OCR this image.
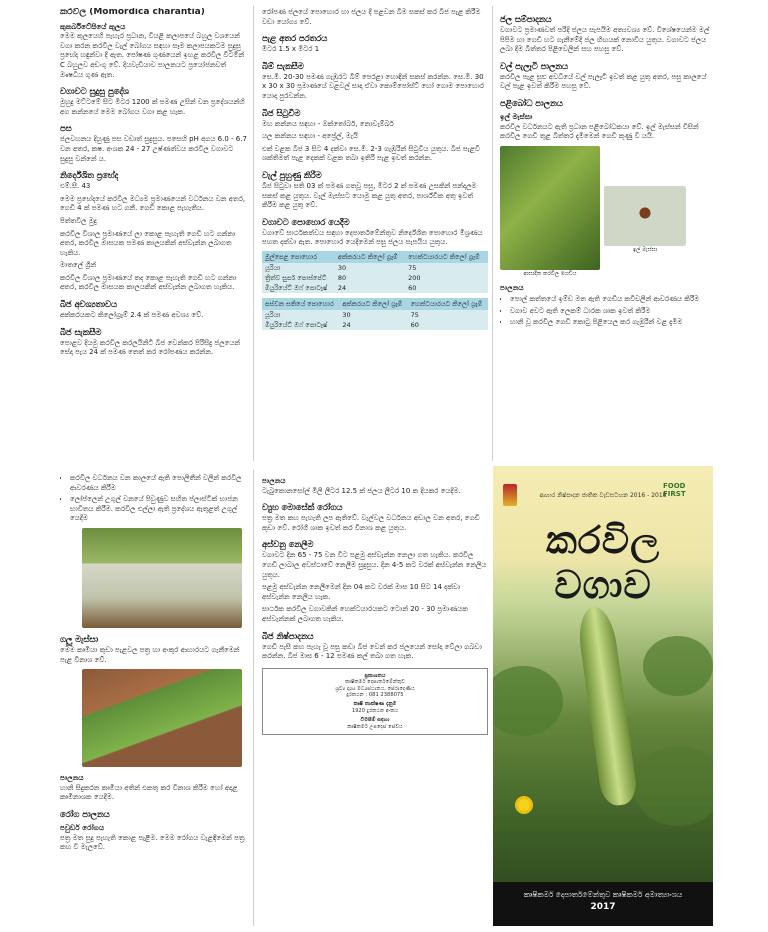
කරවිල (Momordica charantia)
කුකර්බිටේසියේ කුලය

මෙම කුලයෙහි පැහැර ප්‍රධාන, වියළි කලාපයේ බහුල වශයෙන් වගා කරන කරවිල වැල් බෝගය සඳහා සෑම කලාපයකටම සුදුසු ප්‍රභේද හඳුන්වා දී ඇත. පෝෂණ ගුණයෙන් ඉහළ කරවිල විටමින් C බහුලව අඩංගු වේ. දියවැඩියාව පාලනයට ප්‍රයෝජනවත් ඖෂධීය ගුණ ඇත.

වගාවට සුදුසු පුදේශ

මුහුදු මට්ටමේ සිට මීටර 1200 ක් පමණ උසින් වන ප්‍රදේශයන්හි අග කන්නයේ මෙම බෝගය වගා කළ හැක.

පස

ජලවහනය දියුණු පස වඩාත් සුදුසුය. පසෙහි pH අගය 6.0 - 6.7 වන අතර, කෂ. අංශක 24 - 27 උෂ්ණත්වය කරවිල වගාවට සුදුසු වන්නේ ය.

නිර්දේශිත ප්‍රභේද

එම්.සී. 43

මෙම ප්‍රභේදයේ කරවිල මධ්‍යම ප්‍රමාණයෙන් වර්ධනය වන අතර, ගෙඩි 4 ක් පමණ හට ගනී. ගෙඩි කොළ පැහැතිය.

පිත්තවිල මුදු

කරවිල විශාල ප්‍රමාණයේ ලා කොළ පැහැති ගෙඩි හට ගන්නා අතර, කරවිල මාසයක පමණ කාලයකින් අස්වැන්න ලබාගත හැකිය.

මාතලේ ග්‍රීන්

කරවිල විශාල ප්‍රමාණයේ තද කොළ පැහැති ගෙඩි හට ගන්නා අතර, කරවිල මාසයක කාලයකින් අස්වැන්න ලබාගත හැකිය.

බීජ අවශ්‍යතාවය

අක්කරයකට කිලෝග්‍රෑම් 2.4 ක් පමණ අවශ්‍ය වේ.

බීජ සැකසීම

පොළව දියමු කරවිල කරලයිනිටි බීජ වෙන්කර පිරිසිදු ජලයෙන් සේදා පැය 24 ක් පමණ තෙත් කර රෝපණය කරන්න.

රෝපණ ජලයේ පොහොර හා ජලය දී පළවන බිම සකස් කර බීජ පැළ කිරීම වඩා යෝග්‍ය වේ.

පැළ අතර පරතරය

මීටර 1.5 x මීටර 1

බිම් සැකසීම

සෙ.මී. 20-30 පමණ ගැඹුරට බිම් පෙරළා හොඳින් සකස් කරන්න. සෙ.මී. 30 x 30 x 30 ප්‍රමාණයේ වළවල් සාදා ඒවා කොම්පෝස්ට් හෝ ගොම පොහොර යොදා පුරවන්න.

බීජ සිටුවීම

මහ කන්නය සඳහා - ඔක්තෝබර්, නොවැම්බර්

යල කන්නය සඳහා - අප්‍රේල්, මැයි

එක් වළක බීජ 3 සිට 4 දක්වා සෙ.මී. 2-3 ගැඹුරින් සිටුවිය යුතුය. බීජ පැළවී ශක්තිමත් පැළ දෙකක් වළක තබා ඉතිරි පැළ ඉවත් කරන්න.

වැල් පුහුණු කිරීම

බීජ සිටුවා සති 03 ක් පමණ ගතවූ පසු, මීටර 2 ක් පමණ උසකින් පන්දලම සකස් කළ යුතුය. වැල් මැස්සට යොමු කළ යුතු අතර, පාර්ශ්වික අතු ඉවත් කිරීම කළ යුතු වේ.

වගාවට පොහොර යෙදීම

වගාවේ සාර්ථකත්වය සඳහා දෙපාර්තමේන්තුව නිර්දේශිත පොහොර මිශ්‍රණය පහත දක්වා ඇත. පොහොර යෙදීමෙන් පසු ජලය සැපයිය යුතුය.

මුල්පෙළ පොහොර	අක්කරයට කිලෝ ග්‍රෑම්	හෙක්ටයාරයට කිලෝ ග්‍රෑම්
යූරියා	30	75
ත්‍රිත්ව සුපර් පොස්පේට්	80	200
මියුරියේට් ඔෆ් පොටෑෂ්	24	60
පස්වන සතියේ පොහොර	අක්කරයට කිලෝ ග්‍රෑම්	හෙක්ටයාරයට කිලෝ ග්‍රෑම්
යූරියා	30	75
මියුරියේට් ඔෆ් පොටෑෂ්	24	60
ජල සම්පාදනය

වගාවට ප්‍රමාණවත් පරිදි ජලය සැපයීම අත්‍යවශ්‍ය වේ. විශේෂයෙන්ම මල් පිපීම හා ගෙඩි හට ගැනීමේදී ජල හිඟයක් නොවිය යුතුය. වගාවට ජලය ලබා දීම බිත්තර පිළිවෙලින් සහ පහසු වේ.

වල් පැලෑටි පාලනය

කරවිල පැළ සුළු අවධියේ වල් පැලෑටි ඉවත් කළ යුතු අතර, පසු කාලයේ වල් පැළ ඉවත් කිරීම පහසු වේ.

පළිබෝධ පාලනය
ඉල් මැස්සා

කරවිල වර්ධනයට ඇති ප්‍රධාන පළිබෝධකයා වේ. ඉල් මැස්සන් විසින් කරවිල ගෙඩි තුළ බිත්තර දැමීමෙන් ගෙඩි කුණු වී යයි.

ආසාදිත කරවිල ගෙඩිය
ඉල් මැස්සා
පාලනය
• පොල් කත්තයේ ඉම්ඩ මත ඇති ගෙඩිය කවිචලින් ආවරණය කිරීම
• වගාව අවට ඇති ලෙකම් ධාරක ශාක ඉවත් කිරීම
• හානි වූ කරවිල ගෙඩි කොටු පිළියෙල කර ගැඹුරින් වළ දැමීම
• කරවිල වර්ධනය වන කාලයේ ඇති පොලිතීන් වලින් කරවිල ආවරණය කිරීම
• ලෝප්ලෙන් උගුල් වනයේ පිවුණුව සහිත ප්ලාස්ටික් භාජන භාවිතය කිරීම. කරවිල එල්ලා ඇති ප්‍රදේශය ඇතුළත් උගුල් යෙදීම
ගලු මැස්සා

මෙම කෘමියා කුඩා පැළවල පත්‍ර හා අංකුර ආහාරයට ගැනීමෙන් පැළ විනාශ වේ.

පාලනය

හානි සිදුකරන කෘමියා අතින් එකතු කර විනාශ කිරීම හෝ අදාළ කෘමිනාශක යෙදීම.

රෝග පාලනය
පවුඩර් රෝගය

පත්‍ර මත සුදු පැහැති කොළ පැළීම. මෙම රෝගය වැළඳීමෙන් පත්‍ර කහ වී මැලවේ.

පාලනය

ටැබුකොනසෝල් මිලි ලීටර 12.5 ක් ජලය ලීටර 10 ක දියකර යෙදීම.

ව්‍යුහ මොසේක් රෝගය

පත්‍ර මත කහ පැහැති ලප ඇතිවේ. වැල්වල වර්ධනය අඩාල වන අතර, ගෙඩි කුඩා වේ. රෝගී ශාක ඉවත් කර විනාශ කළ යුතුය.

අස්වනු නෙලීම

වගාවට දින 65 - 75 වන විට පළමු අස්වැන්න නෙලා ගත හැකිය. කරවිල ගෙඩි ලාබාල අවස්ථාවේ නෙලීම සුදුසුය. දින 4-5 කට වරක් අස්වැන්න නෙලිය යුතුය.

පළමු අස්වැන්න නෙලීමෙන් දින 04 කට වරක් මාස 10 සිට 14 දක්වා අස්වැන්න නෙලිය හැක.

සාර්ථක කරවිල වගාවකින් හෙක්ටයාරයකට ටොන් 20 - 30 ප්‍රමාණයක අස්වැන්නක් ලබාගත හැකිය.

බීජ නිෂ්පාදනය

ගෙඩි පැසී කහ පැහැ වූ පසු කඩා බීජ වෙන් කර ජලයෙන් සෝදා වේලා ගබඩා කරන්න. බීජ මාස 6 - 12 පමණ කල් තබා ගත හැක.

ප්‍රකාශනය
කෘෂිකර්ම දෙපාර්තමේන්තුව
ශ්‍රව්‍ය දෘශ්‍ය මධ්‍යස්ථානය, පේරාදෙණිය
දුරකථන : 081 2388075
කෘෂි තාක්ෂණ දැනුම
1920 දුරකථන අංකය
විමසීම් සඳහා
කෘෂිකර්ම උපදෙස් සේවය
FOOD FIRST
ආහාර නිෂ්පාදන ජාතික වැඩසටහන 2016 - 2018
කරවිල වගාව
කෘෂිකර්ම දෙපාර්තමේන්තුව කෘෂිකර්ම අමාත්‍යාංශය
2017
